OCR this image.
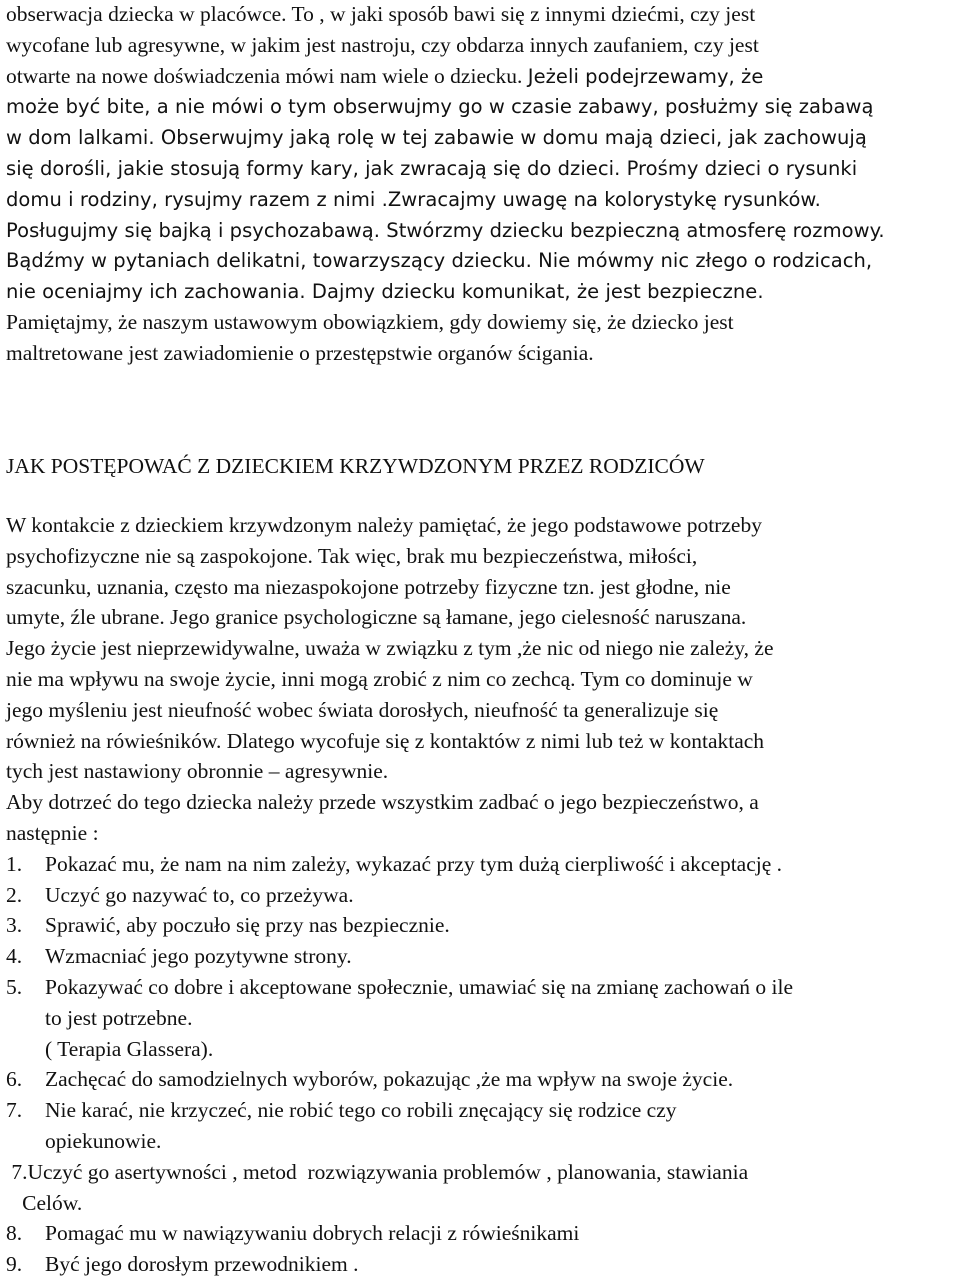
obserwacja dziecka w placówce. To , w jaki sposób bawi się z innymi dziećmi, czy jest
wycofane lub agresywne, w jakim jest nastroju, czy obdarza innych zaufaniem, czy jest
otwarte na nowe doświadczenia mówi nam wiele o dziecku. Jeżeli podejrzewamy, że
może być bite, a nie mówi o tym obserwujmy go w czasie zabawy, posłużmy się zabawą
w dom lalkami. Obserwujmy jaką rolę w tej zabawie w domu mają dzieci, jak zachowują
się dorośli, jakie stosują formy kary, jak zwracają się do dzieci. Prośmy dzieci o rysunki
domu i rodziny, rysujmy razem z nimi .Zwracajmy uwagę na kolorystykę rysunków.
Posługujmy się bajką i psychozabawą. Stwórzmy dziecku bezpieczną atmosferę rozmowy.
Bądźmy w pytaniach delikatni, towarzyszący dziecku. Nie mówmy nic złego o rodzicach,
nie oceniajmy ich zachowania. Dajmy dziecku komunikat, że jest bezpieczne.
Pamiętajmy, że naszym ustawowym obowiązkiem, gdy dowiemy się, że dziecko jest
maltretowane jest zawiadomienie o przestępstwie organów ścigania.
JAK POSTĘPOWAĆ Z DZIECKIEM KRZYWDZONYM PRZEZ RODZICÓW
W kontakcie z dzieckiem krzywdzonym należy pamiętać, że jego podstawowe potrzeby
psychofizyczne nie są zaspokojone. Tak więc, brak mu bezpieczeństwa, miłości,
szacunku, uznania, często ma niezaspokojone potrzeby fizyczne tzn. jest głodne, nie
umyte, źle ubrane. Jego granice psychologiczne są łamane, jego cielesność naruszana.
Jego życie jest nieprzewidywalne, uważa w związku z tym ,że nic od niego nie zależy, że
nie ma wpływu na swoje życie, inni mogą zrobić z nim co zechcą. Tym co dominuje w
jego myśleniu jest nieufność wobec świata dorosłych, nieufność ta generalizuje się
również na rówieśników. Dlatego wycofuje się z kontaktów z nimi lub też w kontaktach
tych jest nastawiony obronnie – agresywnie.
Aby dotrzeć do tego dziecka należy przede wszystkim zadbać o jego bezpieczeństwo, a
następnie :
1. Pokazać mu, że nam na nim zależy, wykazać przy tym dużą cierpliwość i akceptację .
2. Uczyć go nazywać to, co przeżywa.
3. Sprawić, aby poczuło się przy nas bezpiecznie.
4. Wzmacniać jego pozytywne strony.
5. Pokazywać co dobre i akceptowane społecznie, umawiać się na zmianę zachowań o ile
to jest potrzebne.
( Terapia Glassera).
6. Zachęcać do samodzielnych wyborów, pokazując ,że ma wpływ na swoje życie.
7. Nie karać, nie krzyczeć, nie robić tego co robili znęcający się rodzice czy
opiekunowie.
7.Uczyć go asertywności , metod  rozwiązywania problemów , planowania, stawiania
Celów.
8. Pomagać mu w nawiązywaniu dobrych relacji z rówieśnikami
9. Być jego dorosłym przewodnikiem .
